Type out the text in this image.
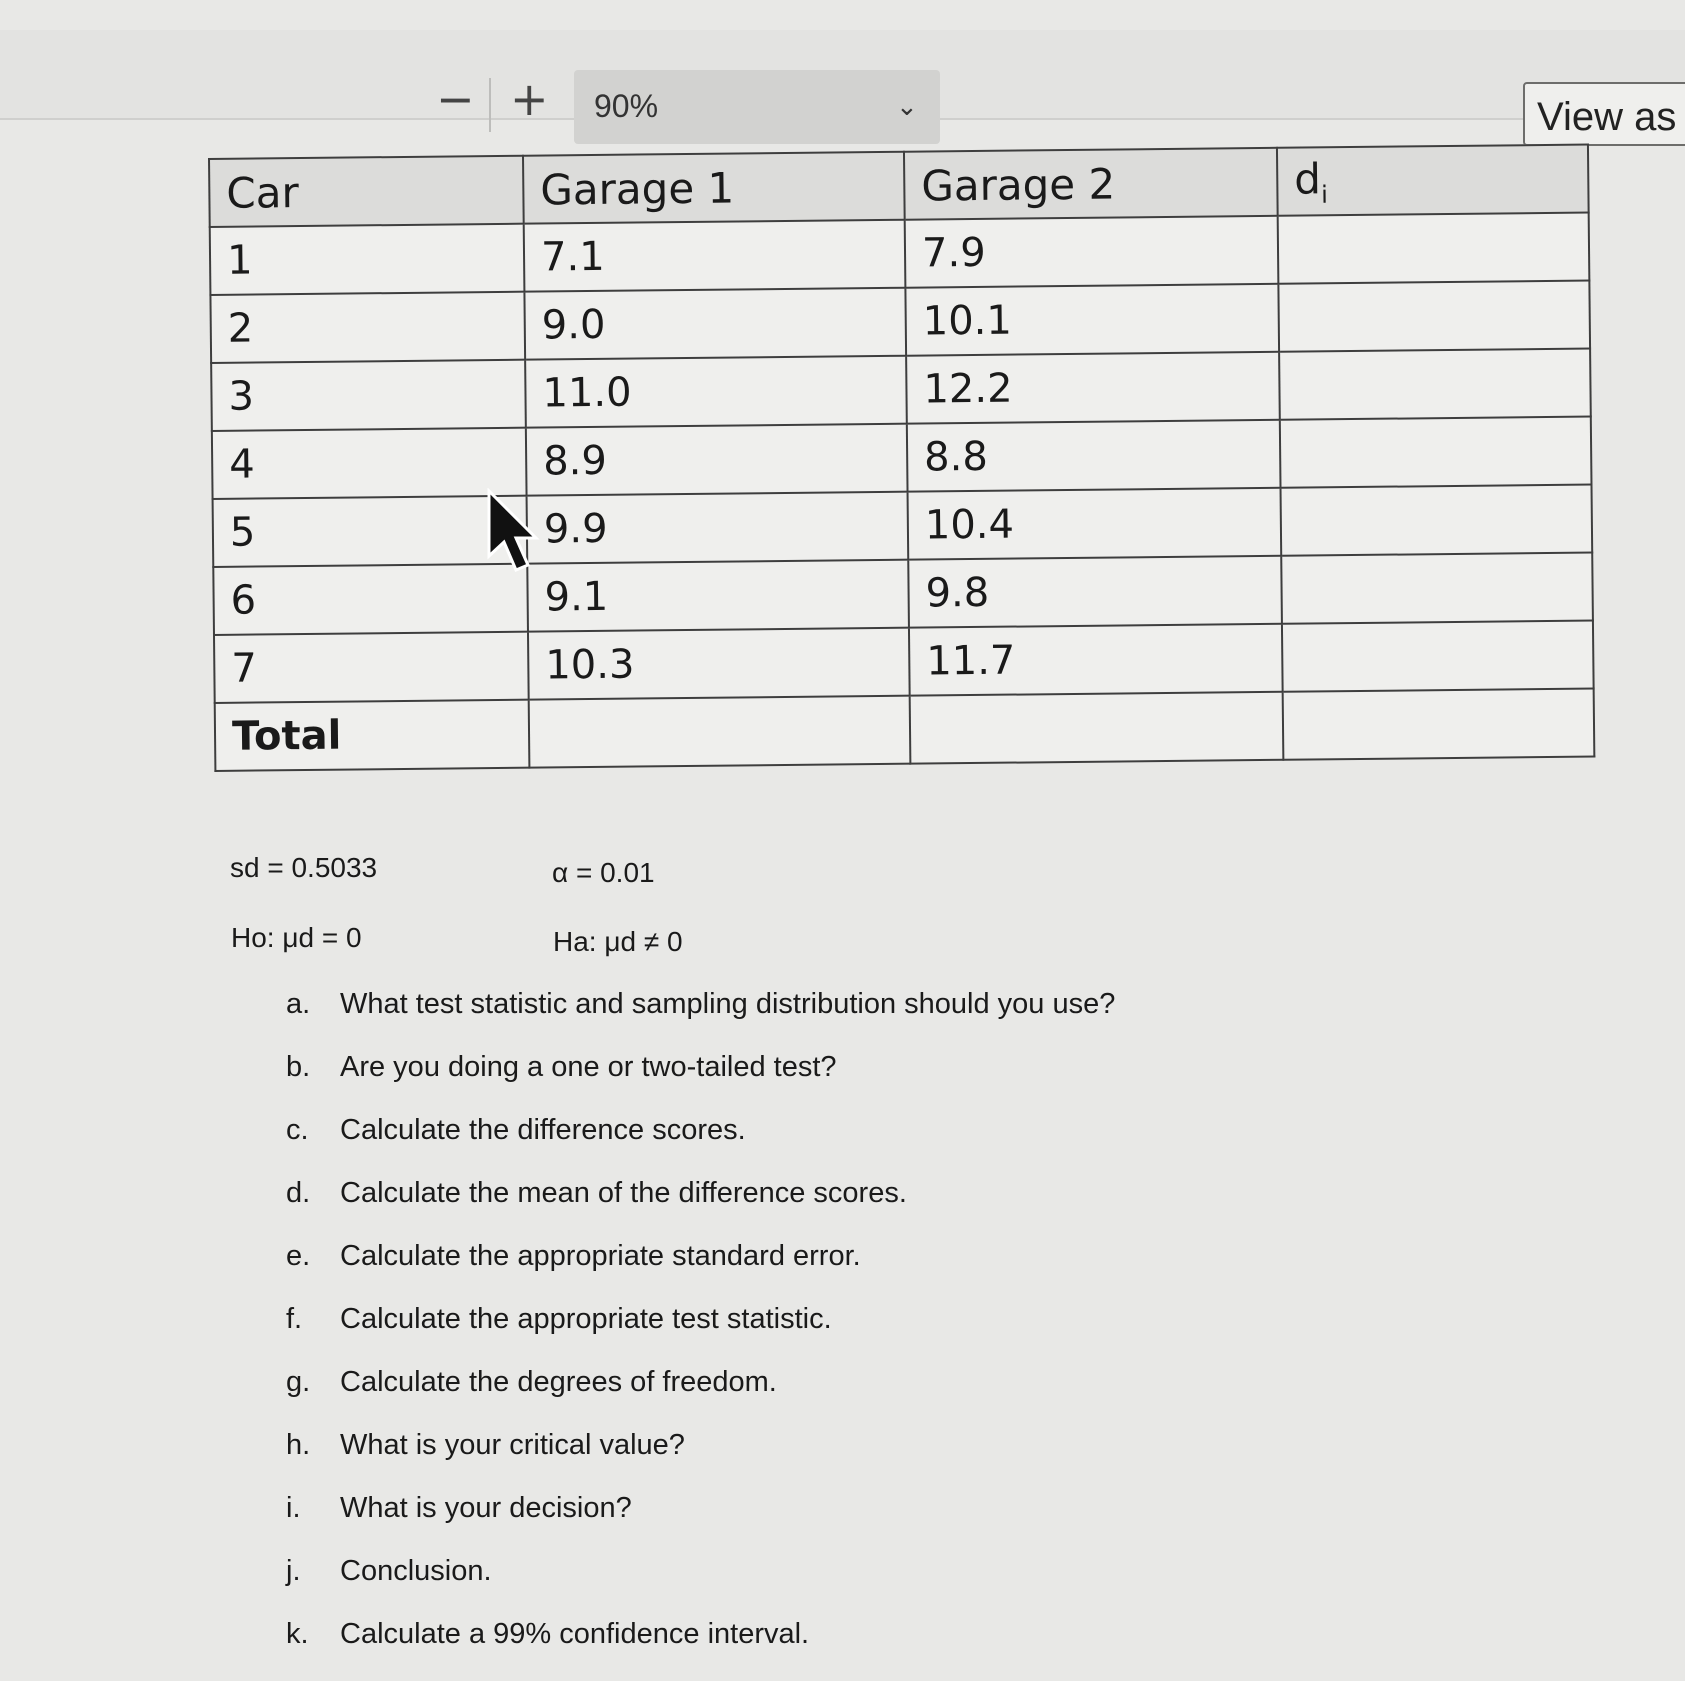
− + 90%	⌄	View as
Car	Garage 1	Garage 2	$d_i$
1	7.1	7.9	
2	9.0	10.1	
3	11.0	12.2	
4	8.9	8.8	
5	9.9	10.4	
6	9.1	9.8	
7	10.3	11.7	
Total			
sd = 0.5033	α = 0.01
Ho: μd = 0	Ha: μd ≠ 0
a.	What test statistic and sampling distribution should you use?
b.	Are you doing a one or two-tailed test?
c.	Calculate the difference scores.
d.	Calculate the mean of the difference scores.
e.	Calculate the appropriate standard error.
f.	Calculate the appropriate test statistic.
g.	Calculate the degrees of freedom.
h.	What is your critical value?
i.	What is your decision?
j.	Conclusion.
k.	Calculate a 99% confidence interval.
